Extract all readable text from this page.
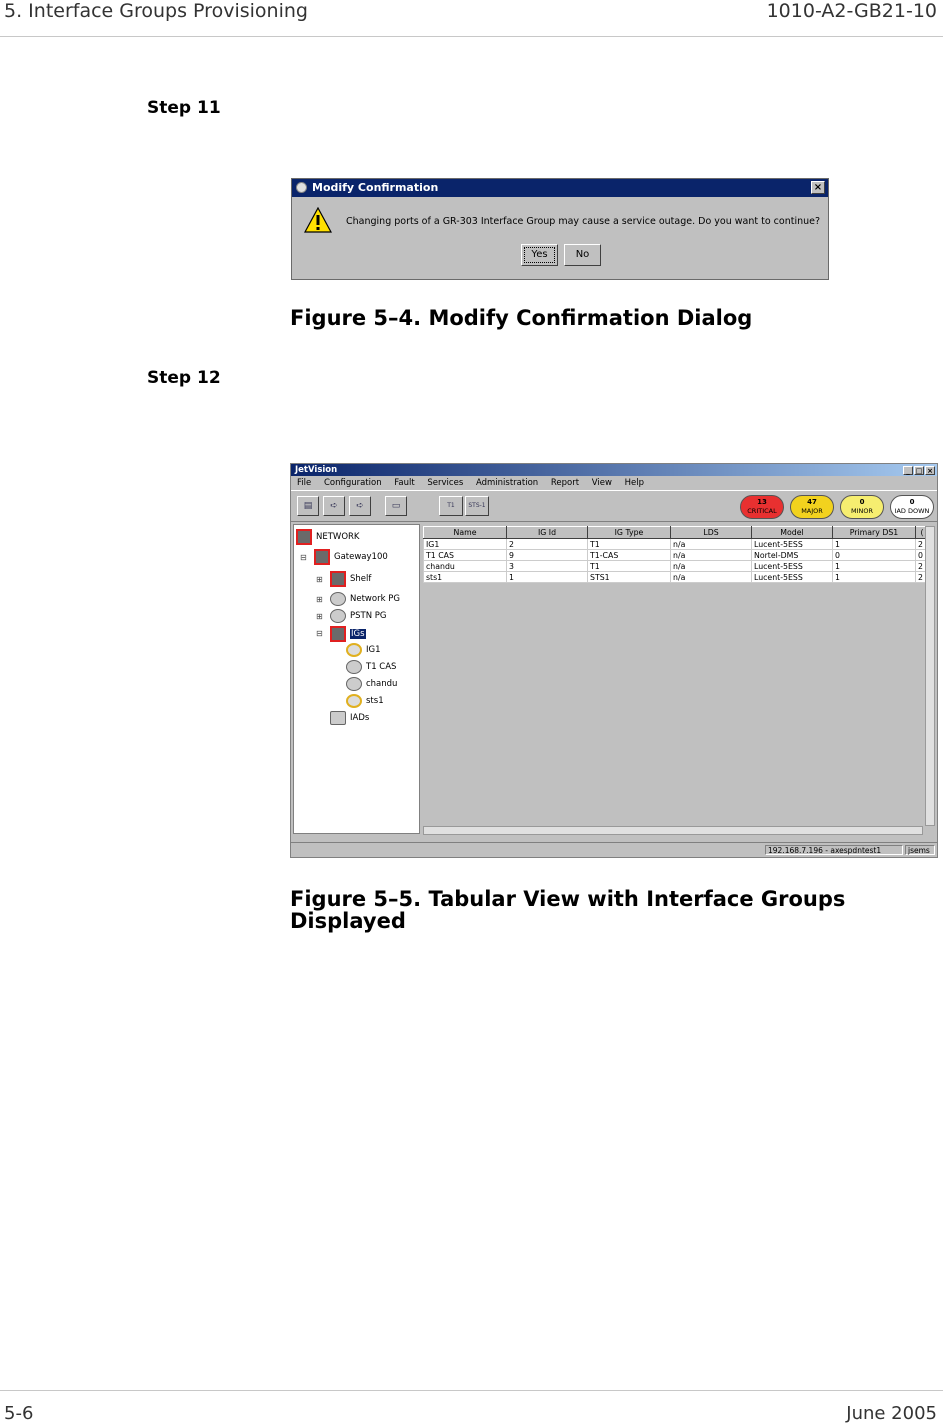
5. Interface Groups Provisioning	1010-A2-GB21-10
Step 11
Modify Confirmation	×
Changing ports of a GR-303 Interface Group may cause a service outage. Do you want to continue?
Yes	No
Figure 5–4. Modify Confirmation Dialog
Step 12
JetVision	_ □ ×
File Configuration Fault Services Administration Report View Help
▤	➪	➪	▭	T1	STS-1	13
CRITICAL
47
MAJOR
0
MINOR
0
IAD DOWN
NETWORK
⊟	Gateway100
⊞	Shelf
⊞	Network PG
⊞	PSTN PG
⊟	IGs
IG1
T1 CAS
chandu
sts1
IADs
Name	IG Id	IG Type	LDS	Model	Primary DS1	(
IG1	2	T1	n/a	Lucent-5ESS	1	2
T1 CAS	9	T1-CAS	n/a	Nortel-DMS	0	0
chandu	3	T1	n/a	Lucent-5ESS	1	2
sts1	1	STS1	n/a	Lucent-5ESS	1	2
192.168.7.196 - axespdntest1	jsems
Figure 5–5. Tabular View with Interface Groups
Displayed
5-6	June 2005
